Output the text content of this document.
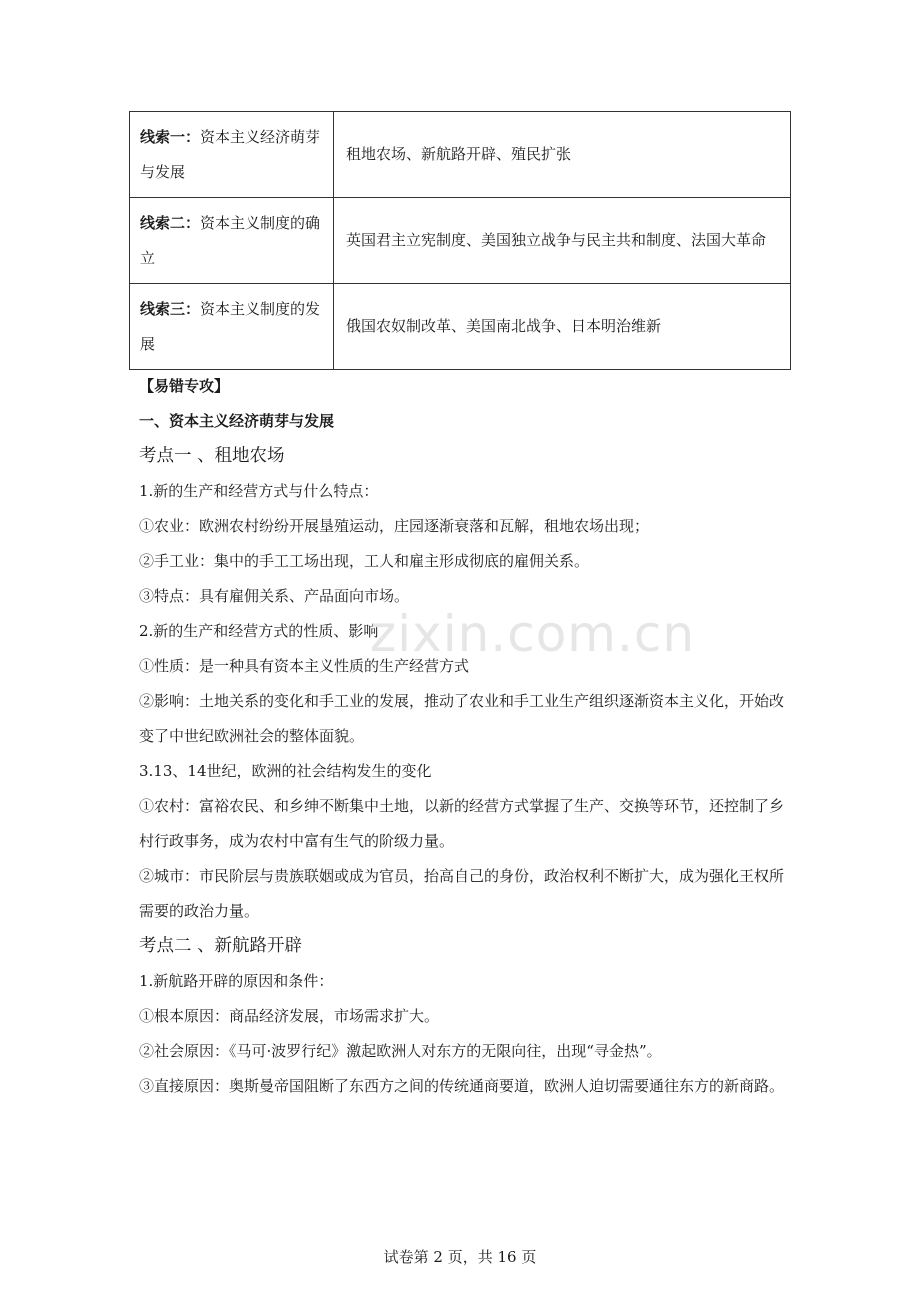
线索一：资本主义经济萌芽与发展	租地农场、新航路开辟、殖民扩张
线索二：资本主义制度的确立	英国君主立宪制度、美国独立战争与民主共和制度、法国大革命
线索三：资本主义制度的发展	俄国农奴制改革、美国南北战争、日本明治维新
【易错专攻】
一、资本主义经济萌芽与发展
考点一 、租地农场
1.新的生产和经营方式与什么特点：
①农业：欧洲农村纷纷开展垦殖运动，庄园逐渐衰落和瓦解，租地农场出现；
②手工业：集中的手工工场出现，工人和雇主形成彻底的雇佣关系。
③特点：具有雇佣关系、产品面向市场。
2.新的生产和经营方式的性质、影响
①性质：是一种具有资本主义性质的生产经营方式
②影响：土地关系的变化和手工业的发展，推动了农业和手工业生产组织逐渐资本主义化，开始改变了中世纪欧洲社会的整体面貌。
3.13、14世纪，欧洲的社会结构发生的变化
①农村：富裕农民、和乡绅不断集中土地，以新的经营方式掌握了生产、交换等环节，还控制了乡村行政事务，成为农村中富有生气的阶级力量。
②城市：市民阶层与贵族联姻或成为官员，抬高自己的身份，政治权利不断扩大，成为强化王权所需要的政治力量。
考点二 、新航路开辟
1.新航路开辟的原因和条件：
①根本原因：商品经济发展，市场需求扩大。
②社会原因：《马可·波罗行纪》激起欧洲人对东方的无限向往，出现“寻金热”。
③直接原因：奥斯曼帝国阻断了东西方之间的传统通商要道，欧洲人迫切需要通往东方的新商路。
zixin.com.cn
试卷第 2 页，共 16 页
